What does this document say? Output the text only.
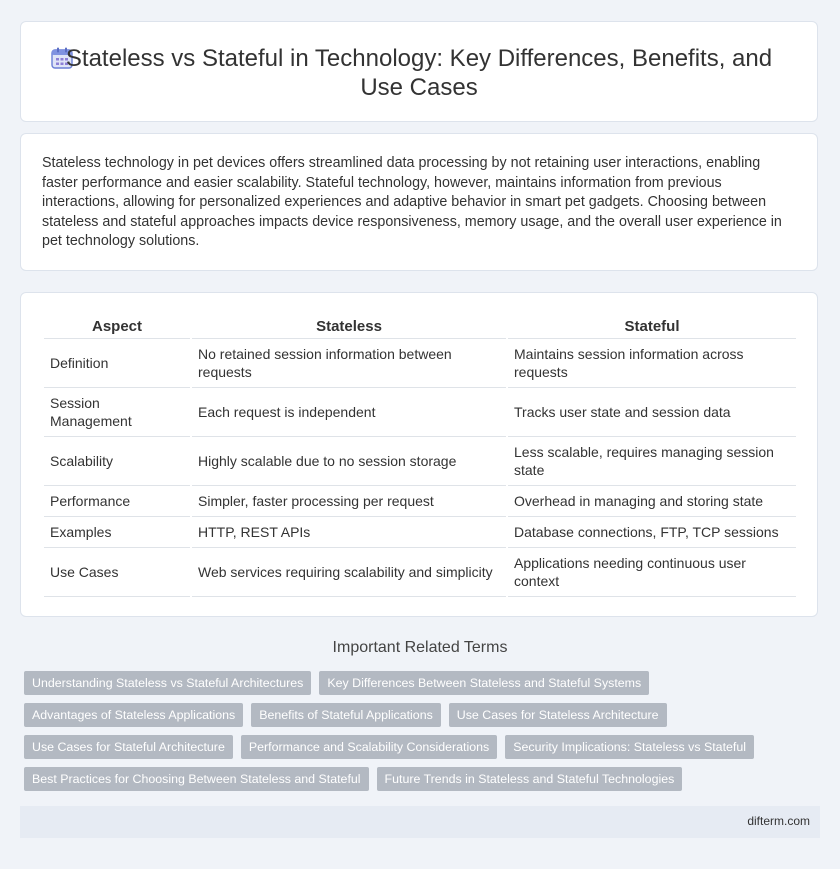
Stateless vs Stateful in Technology: Key Differences, Benefits, and Use Cases

Stateless technology in pet devices offers streamlined data processing by not retaining user interactions, enabling faster performance and easier scalability. Stateful technology, however, maintains information from previous interactions, allowing for personalized experiences and adaptive behavior in smart pet gadgets. Choosing between stateless and stateful approaches impacts device responsiveness, memory usage, and the overall user experience in pet technology solutions.

Aspect	Stateless	Stateful
Definition	No retained session information between requests	Maintains session information across requests
Session Management	Each request is independent	Tracks user state and session data
Scalability	Highly scalable due to no session storage	Less scalable, requires managing session state
Performance	Simpler, faster processing per request	Overhead in managing and storing state
Examples	HTTP, REST APIs	Database connections, FTP, TCP sessions
Use Cases	Web services requiring scalability and simplicity	Applications needing continuous user context
Important Related Terms
Understanding Stateless vs Stateful Architectures	Key Differences Between Stateless and Stateful Systems
Advantages of Stateless Applications	Benefits of Stateful Applications	Use Cases for Stateless Architecture
Use Cases for Stateful Architecture	Performance and Scalability Considerations	Security Implications: Stateless vs Stateful
Best Practices for Choosing Between Stateless and Stateful	Future Trends in Stateless and Stateful Technologies
difterm.com
